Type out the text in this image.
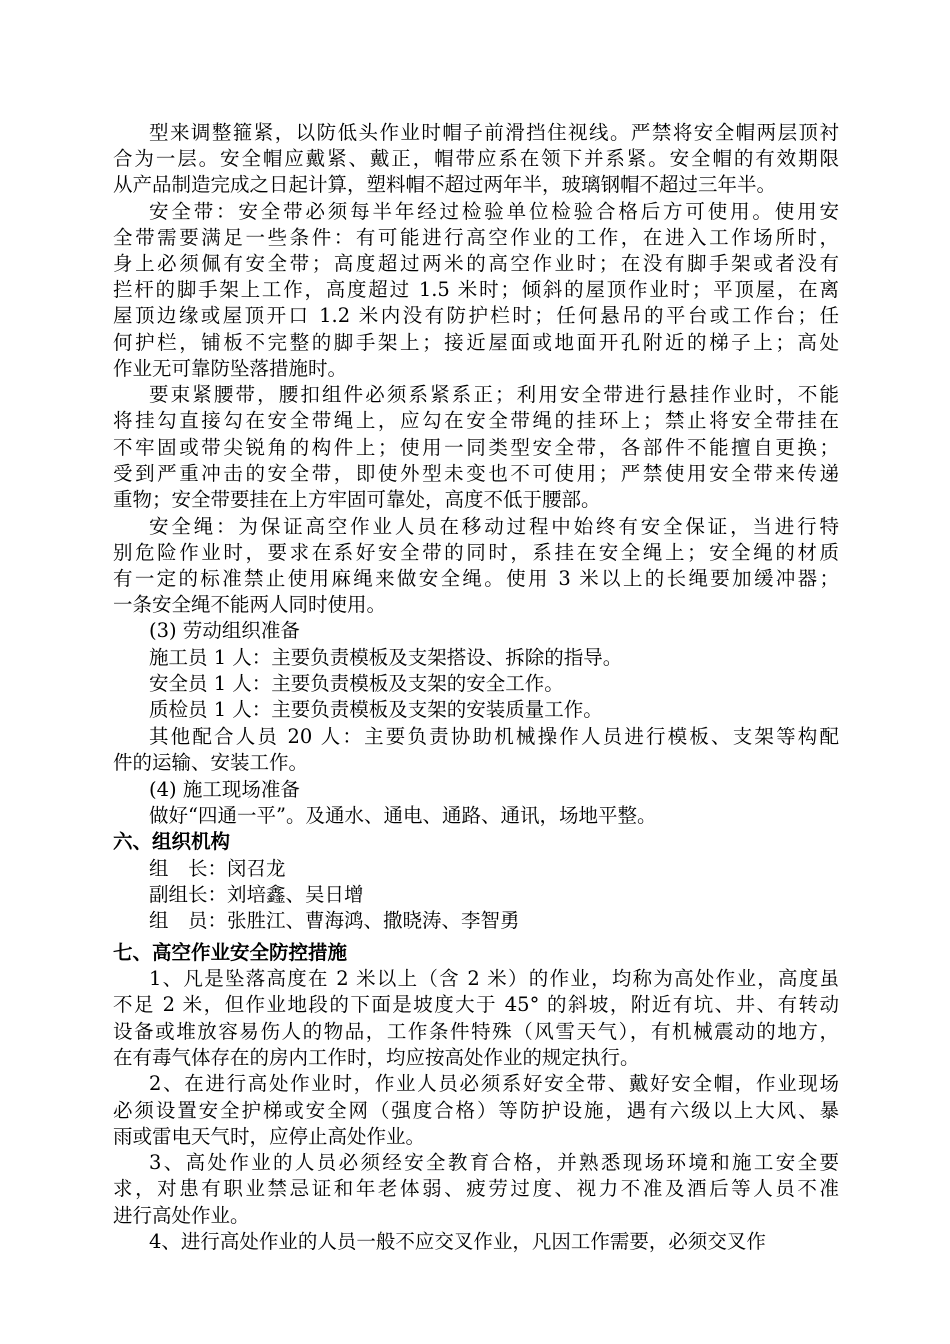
型来调整箍紧，以防低头作业时帽子前滑挡住视线。严禁将安全帽两层顶衬
合为一层。安全帽应戴紧、戴正，帽带应系在领下并系紧。安全帽的有效期限
从产品制造完成之日起计算，塑料帽不超过两年半，玻璃钢帽不超过三年半。
安全带：安全带必须每半年经过检验单位检验合格后方可使用。使用安
全带需要满足一些条件：有可能进行高空作业的工作，在进入工作场所时，
身上必须佩有安全带；高度超过两米的高空作业时；在没有脚手架或者没有
拦杆的脚手架上工作，高度超过 1.5 米时；倾斜的屋顶作业时；平顶屋，在离
屋顶边缘或屋顶开口 1.2 米内没有防护栏时；任何悬吊的平台或工作台；任
何护栏，铺板不完整的脚手架上；接近屋面或地面开孔附近的梯子上；高处
作业无可靠防坠落措施时。
要束紧腰带，腰扣组件必须系紧系正；利用安全带进行悬挂作业时，不能
将挂勾直接勾在安全带绳上，应勾在安全带绳的挂环上；禁止将安全带挂在
不牢固或带尖锐角的构件上；使用一同类型安全带，各部件不能擅自更换；
受到严重冲击的安全带，即使外型未变也不可使用；严禁使用安全带来传递
重物；安全带要挂在上方牢固可靠处，高度不低于腰部。
安全绳：为保证高空作业人员在移动过程中始终有安全保证，当进行特
别危险作业时，要求在系好安全带的同时，系挂在安全绳上；安全绳的材质
有一定的标准禁止使用麻绳来做安全绳。使用 3 米以上的长绳要加缓冲器；
一条安全绳不能两人同时使用。
(3) 劳动组织准备
施工员 1 人：主要负责模板及支架搭设、拆除的指导。
安全员 1 人：主要负责模板及支架的安全工作。
质检员 1 人：主要负责模板及支架的安装质量工作。
其他配合人员 20 人：主要负责协助机械操作人员进行模板、支架等构配
件的运输、安装工作。
(4) 施工现场准备
做好“四通一平”。及通水、通电、通路、通讯，场地平整。
六、组织机构
组　长：闵召龙
副组长：刘培鑫、吴日增
组　员：张胜江、曹海鸿、撒晓涛、李智勇
七、高空作业安全防控措施
1、凡是坠落高度在 2 米以上（含 2 米）的作业，均称为高处作业，高度虽
不足 2 米，但作业地段的下面是坡度大于 45° 的斜坡，附近有坑、井、有转动
设备或堆放容易伤人的物品，工作条件特殊（风雪天气），有机械震动的地方，
在有毒气体存在的房内工作时，均应按高处作业的规定执行。
2、在进行高处作业时，作业人员必须系好安全带、戴好安全帽，作业现场
必须设置安全护梯或安全网（强度合格）等防护设施，遇有六级以上大风、暴
雨或雷电天气时，应停止高处作业。
3、高处作业的人员必须经安全教育合格，并熟悉现场环境和施工安全要
求，对患有职业禁忌证和年老体弱、疲劳过度、视力不准及酒后等人员不准
进行高处作业。
4、进行高处作业的人员一般不应交叉作业，凡因工作需要，必须交叉作
